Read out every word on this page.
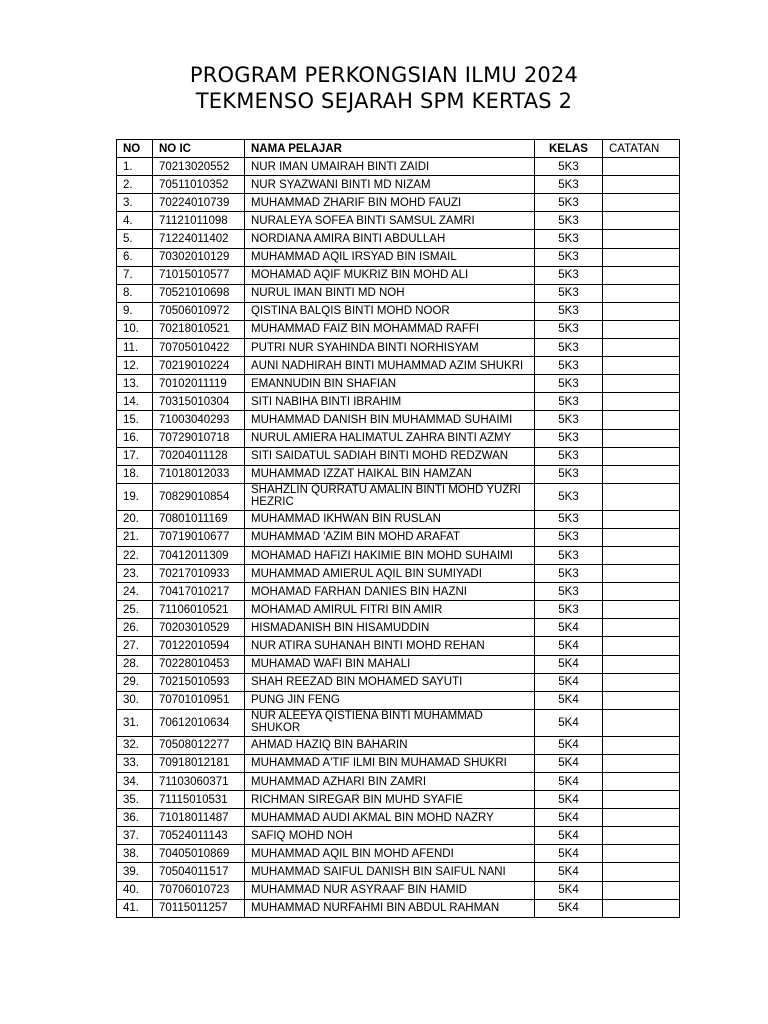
PROGRAM PERKONGSIAN ILMU 2024
TEKMENSO SEJARAH SPM KERTAS 2
NO	NO IC	NAMA PELAJAR	KELAS	CATATAN
1.	70213020552	NUR IMAN UMAIRAH BINTI ZAIDI	5K3	
2.	70511010352	NUR SYAZWANI BINTI MD NIZAM	5K3	
3.	70224010739	MUHAMMAD ZHARIF BIN MOHD FAUZI	5K3	
4.	71121011098	NURALEYA SOFEA BINTI SAMSUL ZAMRI	5K3	
5.	71224011402	NORDIANA AMIRA BINTI ABDULLAH	5K3	
6.	70302010129	MUHAMMAD AQIL IRSYAD BIN ISMAIL	5K3	
7.	71015010577	MOHAMAD AQIF MUKRIZ BIN MOHD ALI	5K3	
8.	70521010698	NURUL IMAN BINTI MD NOH	5K3	
9.	70506010972	QISTINA BALQIS BINTI MOHD NOOR	5K3	
10.	70218010521	MUHAMMAD FAIZ BIN MOHAMMAD RAFFI	5K3	
11.	70705010422	PUTRI NUR SYAHINDA BINTI NORHISYAM	5K3	
12.	70219010224	AUNI NADHIRAH BINTI MUHAMMAD AZIM SHUKRI	5K3	
13.	70102011119	EMANNUDIN BIN SHAFIAN	5K3	
14.	70315010304	SITI NABIHA BINTI IBRAHIM	5K3	
15.	71003040293	MUHAMMAD DANISH BIN MUHAMMAD SUHAIMI	5K3	
16.	70729010718	NURUL AMIERA HALIMATUL ZAHRA BINTI AZMY	5K3	
17.	70204011128	SITI SAIDATUL SADIAH BINTI MOHD REDZWAN	5K3	
18.	71018012033	MUHAMMAD IZZAT HAIKAL BIN HAMZAN	5K3	
19.	70829010854	SHAHZLIN QURRATU AMALIN BINTI MOHD YUZRI HEZRIC	5K3	
20.	70801011169	MUHAMMAD IKHWAN BIN RUSLAN	5K3	
21.	70719010677	MUHAMMAD 'AZIM BIN MOHD ARAFAT	5K3	
22.	70412011309	MOHAMAD HAFIZI HAKIMIE BIN MOHD SUHAIMI	5K3	
23.	70217010933	MUHAMMAD AMIERUL AQIL BIN SUMIYADI	5K3	
24.	70417010217	MOHAMAD FARHAN DANIES BIN HAZNI	5K3	
25.	71106010521	MOHAMAD AMIRUL FITRI BIN AMIR	5K3	
26.	70203010529	HISMADANISH BIN HISAMUDDIN	5K4	
27.	70122010594	NUR ATIRA SUHANAH BINTI MOHD REHAN	5K4	
28.	70228010453	MUHAMAD WAFI BIN MAHALI	5K4	
29.	70215010593	SHAH REEZAD BIN MOHAMED SAYUTI	5K4	
30.	70701010951	PUNG JIN FENG	5K4	
31.	70612010634	NUR ALEEYA QISTIENA BINTI MUHAMMAD SHUKOR	5K4	
32.	70508012277	AHMAD HAZIQ BIN BAHARIN	5K4	
33.	70918012181	MUHAMMAD A'TIF ILMI BIN MUHAMAD SHUKRI	5K4	
34.	71103060371	MUHAMMAD AZHARI BIN ZAMRI	5K4	
35.	71115010531	RICHMAN SIREGAR BIN MUHD SYAFIE	5K4	
36.	71018011487	MUHAMMAD AUDI AKMAL BIN MOHD NAZRY	5K4	
37.	70524011143	SAFIQ MOHD NOH	5K4	
38.	70405010869	MUHAMMAD AQIL BIN MOHD AFENDI	5K4	
39.	70504011517	MUHAMMAD SAIFUL DANISH BIN SAIFUL NANI	5K4	
40.	70706010723	MUHAMMAD NUR ASYRAAF BIN HAMID	5K4	
41.	70115011257	MUHAMMAD NURFAHMI BIN ABDUL RAHMAN	5K4	
